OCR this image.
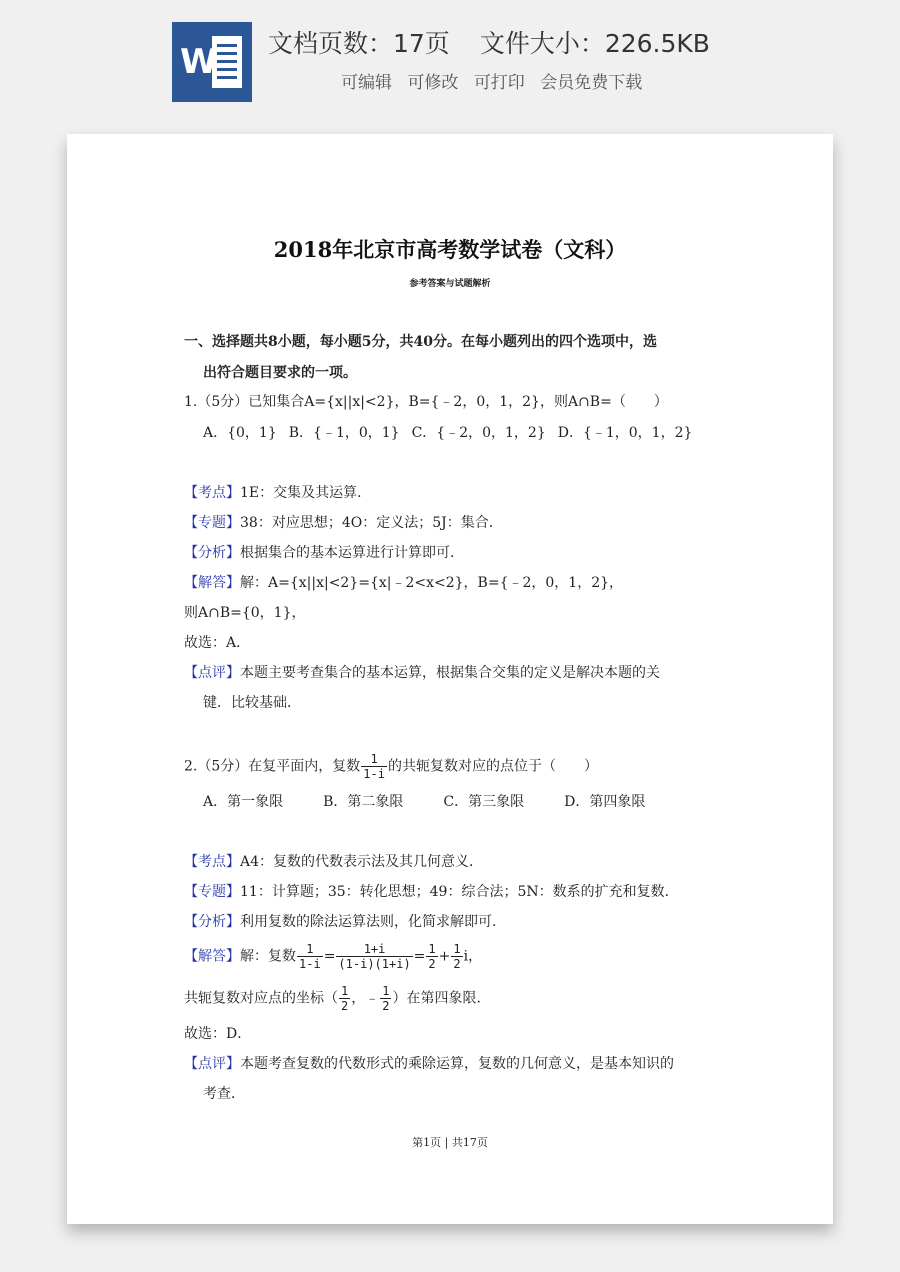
W 文档页数：17页 文件大小：226.5KB
可编辑 可修改 可打印 会员免费下载
2018年北京市高考数学试卷（文科）
参考答案与试题解析
一、选择题共8小题，每小题5分，共40分。在每小题列出的四个选项中，选
出符合题目要求的一项。
1.（5分）已知集合A={x||x|<2}，B={﹣2，0，1，2}，则A∩B=（　　）
A．{0，1} B．{﹣1，0，1} C．{﹣2，0，1，2} D．{﹣1，0，1，2}
【考点】1E：交集及其运算．
【专题】38：对应思想；4O：定义法；5J：集合．
【分析】根据集合的基本运算进行计算即可．
【解答】解：A={x||x|<2}={x|﹣2<x<2}，B={﹣2，0，1，2}，
则A∩B={0，1}，
故选：A．
【点评】本题主要考查集合的基本运算，根据集合交集的定义是解决本题的关
键．比较基础．
2.（5分）在复平面内，复数 $\frac{1}{1-i}$ 的共轭复数对应的点位于（　　）
A．第一象限	B．第二象限	C．第三象限	D．第四象限
【考点】A4：复数的代数表示法及其几何意义．
【专题】11：计算题；35：转化思想；49：综合法；5N：数系的扩充和复数．
【分析】利用复数的除法运算法则，化简求解即可．
【解答】解：复数 $\frac{1}{1-i} = \frac{1+i}{(1-i)(1+i)} = \frac{1}{2} + \frac{1}{2}$ i，
共轭复数对应点的坐标（ $\frac{1}{2}$ ，﹣ $\frac{1}{2}$ ）在第四象限．
故选：D．
【点评】本题考查复数的代数形式的乘除运算，复数的几何意义，是基本知识的
考查．
第1页 | 共17页
